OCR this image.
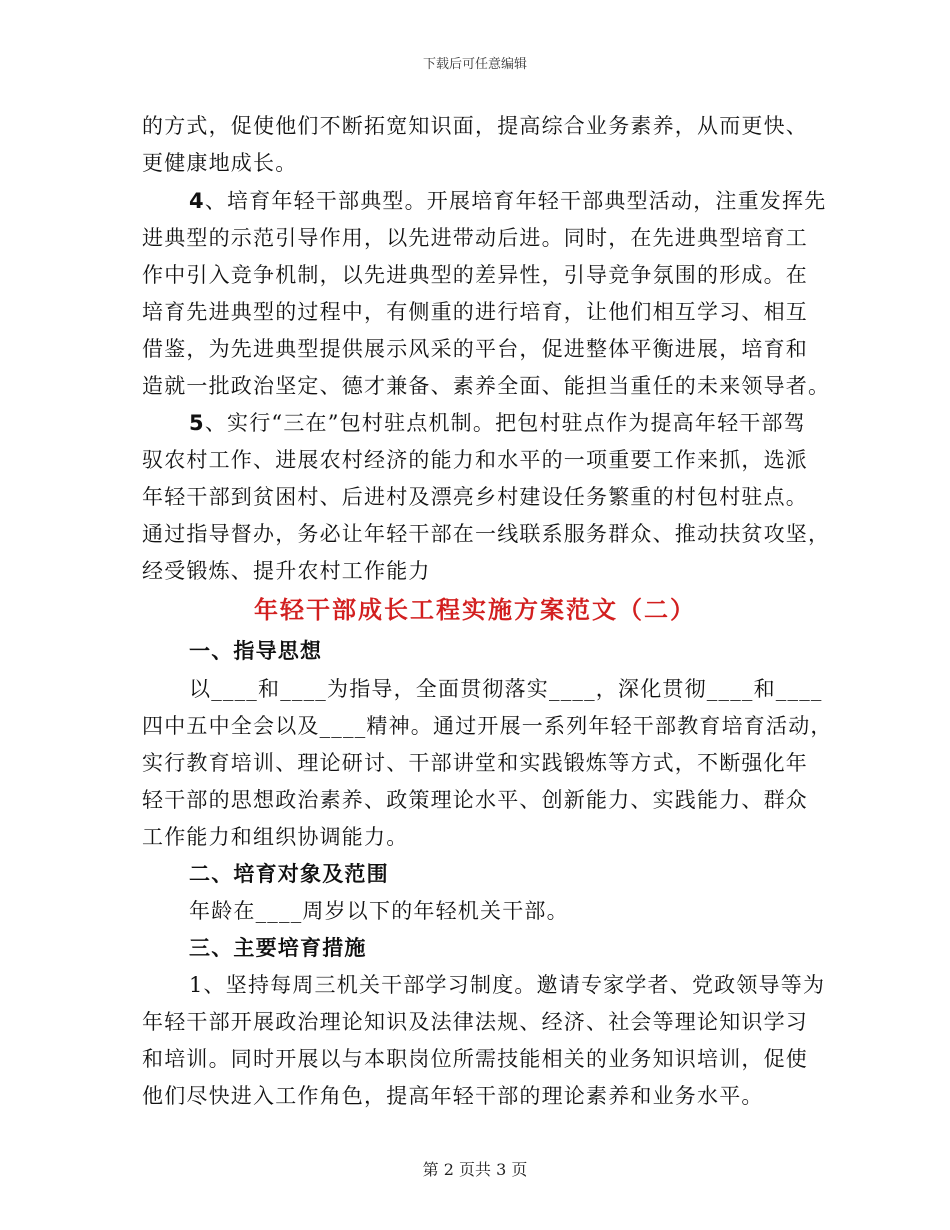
下载后可任意编辑
的方式，促使他们不断拓宽知识面，提高综合业务素养，从而更快、
更健康地成长。
4、培育年轻干部典型。开展培育年轻干部典型活动，注重发挥先
进典型的示范引导作用，以先进带动后进。同时，在先进典型培育工
作中引入竞争机制，以先进典型的差异性，引导竞争氛围的形成。在
培育先进典型的过程中，有侧重的进行培育，让他们相互学习、相互
借鉴，为先进典型提供展示风采的平台，促进整体平衡进展，培育和
造就一批政治坚定、德才兼备、素养全面、能担当重任的未来领导者。
5、实行“三在”包村驻点机制。把包村驻点作为提高年轻干部驾
驭农村工作、进展农村经济的能力和水平的一项重要工作来抓，选派
年轻干部到贫困村、后进村及漂亮乡村建设任务繁重的村包村驻点。
通过指导督办，务必让年轻干部在一线联系服务群众、推动扶贫攻坚，
经受锻炼、提升农村工作能力
年轻干部成长工程实施方案范文（二）
一、指导思想
以____和____为指导，全面贯彻落实____，深化贯彻____和____
四中五中全会以及____精神。通过开展一系列年轻干部教育培育活动，
实行教育培训、理论研讨、干部讲堂和实践锻炼等方式，不断强化年
轻干部的思想政治素养、政策理论水平、创新能力、实践能力、群众
工作能力和组织协调能力。
二、培育对象及范围
年龄在____周岁以下的年轻机关干部。
三、主要培育措施
1、坚持每周三机关干部学习制度。邀请专家学者、党政领导等为
年轻干部开展政治理论知识及法律法规、经济、社会等理论知识学习
和培训。同时开展以与本职岗位所需技能相关的业务知识培训，促使
他们尽快进入工作角色，提高年轻干部的理论素养和业务水平。
第 2 页共 3 页
